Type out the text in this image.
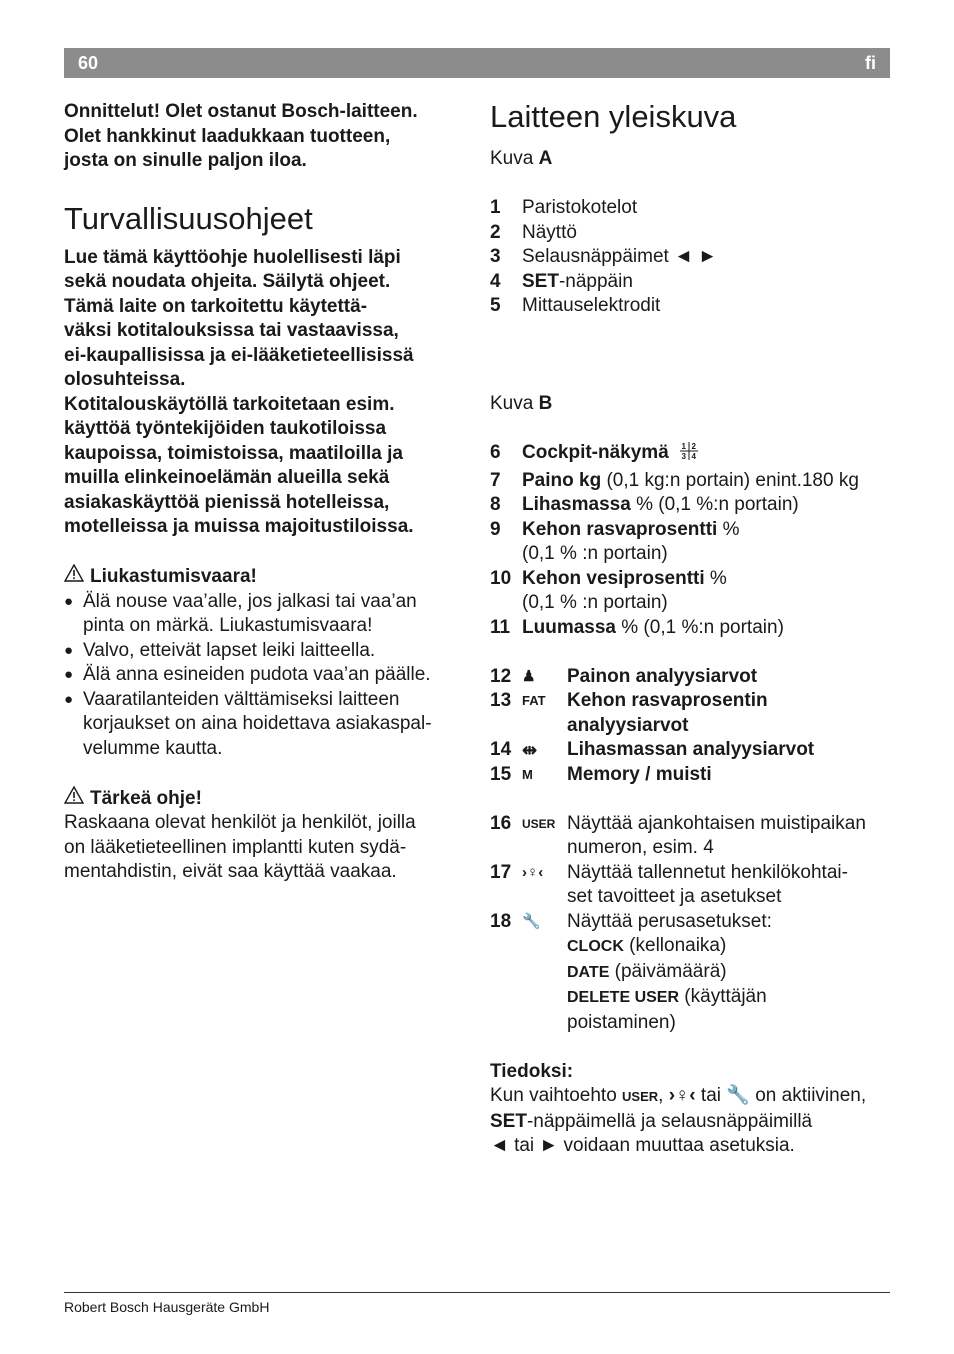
60	fi
Onnittelut! Olet ostanut Bosch-laitteen.
Olet hankkinut laadukkaan tuotteen,
josta on sinulle paljon iloa.
Turvallisuusohjeet
Lue tämä käyttöohje huolellisesti läpi
sekä noudata ohjeita. Säilytä ohjeet.
Tämä laite on tarkoitettu käytettä-
väksi kotitalouksissa tai vastaavissa,
ei-kaupallisissa ja ei-lääketieteellisissä
olosuhteissa.
Kotitalouskäytöllä tarkoitetaan esim.
käyttöä työntekijöiden taukotiloissa
kaupoissa, toimistoissa, maatiloilla ja
muilla elinkeinoelämän alueilla sekä
asiakaskäyttöä pienissä hotelleissa,
motelleissa ja muissa majoitustiloissa.
Liukastumisvaara!
● Älä nouse vaa’alle, jos jalkasi tai vaa’an
pinta on märkä. Liukastumisvaara!
● Valvo, etteivät lapset leiki laitteella.
● Älä anna esineiden pudota vaa’an päälle.
● Vaaratilanteiden välttämiseksi laitteen
korjaukset on aina hoidettava asiakaspal-
velumme kautta.
Tärkeä ohje!
Raskaana olevat henkilöt ja henkilöt, joilla
on lääketieteellinen implantti kuten sydä-
mentahdistin, eivät saa käyttää vaakaa.
Laitteen yleiskuva
Kuva A
1 Paristokotelot
2 Näyttö
3 Selausnäppäimet ◄ ►
4 SET-näppäin
5 Mittauselektrodit
Kuva B
6 Cockpit-näkymä 1 2
3 4
7 Paino kg (0,1 kg:n portain) enint.180 kg
8 Lihasmassa % (0,1 %:n portain)
9 Kehon rasvaprosentti %
(0,1 % :n portain)
10 Kehon vesiprosentti %
(0,1 % :n portain)
11 Luumassa % (0,1 %:n portain)
12 ♟ Painon analyysiarvot
13 FAT Kehon rasvaprosentin
analyysiarvot
14 ⇹ Lihasmassan analyysiarvot
15 M Memory / muisti
16 USER Näyttää ajankohtaisen muistipaikan
numeron, esim. 4
17 ›♀‹ Näyttää tallennetut henkilökohtai-
set tavoitteet ja asetukset
18 🔧 Näyttää perusasetukset:
CLOCK (kellonaika)
DATE (päivämäärä)
DELETE USER (käyttäjän
poistaminen)
Tiedoksi:
Kun vaihtoehto USER, ›♀‹ tai 🔧 on aktiivinen,
SET-näppäimellä ja selausnäppäimillä
◄ tai ► voidaan muuttaa asetuksia.
Robert Bosch Hausgeräte GmbH
